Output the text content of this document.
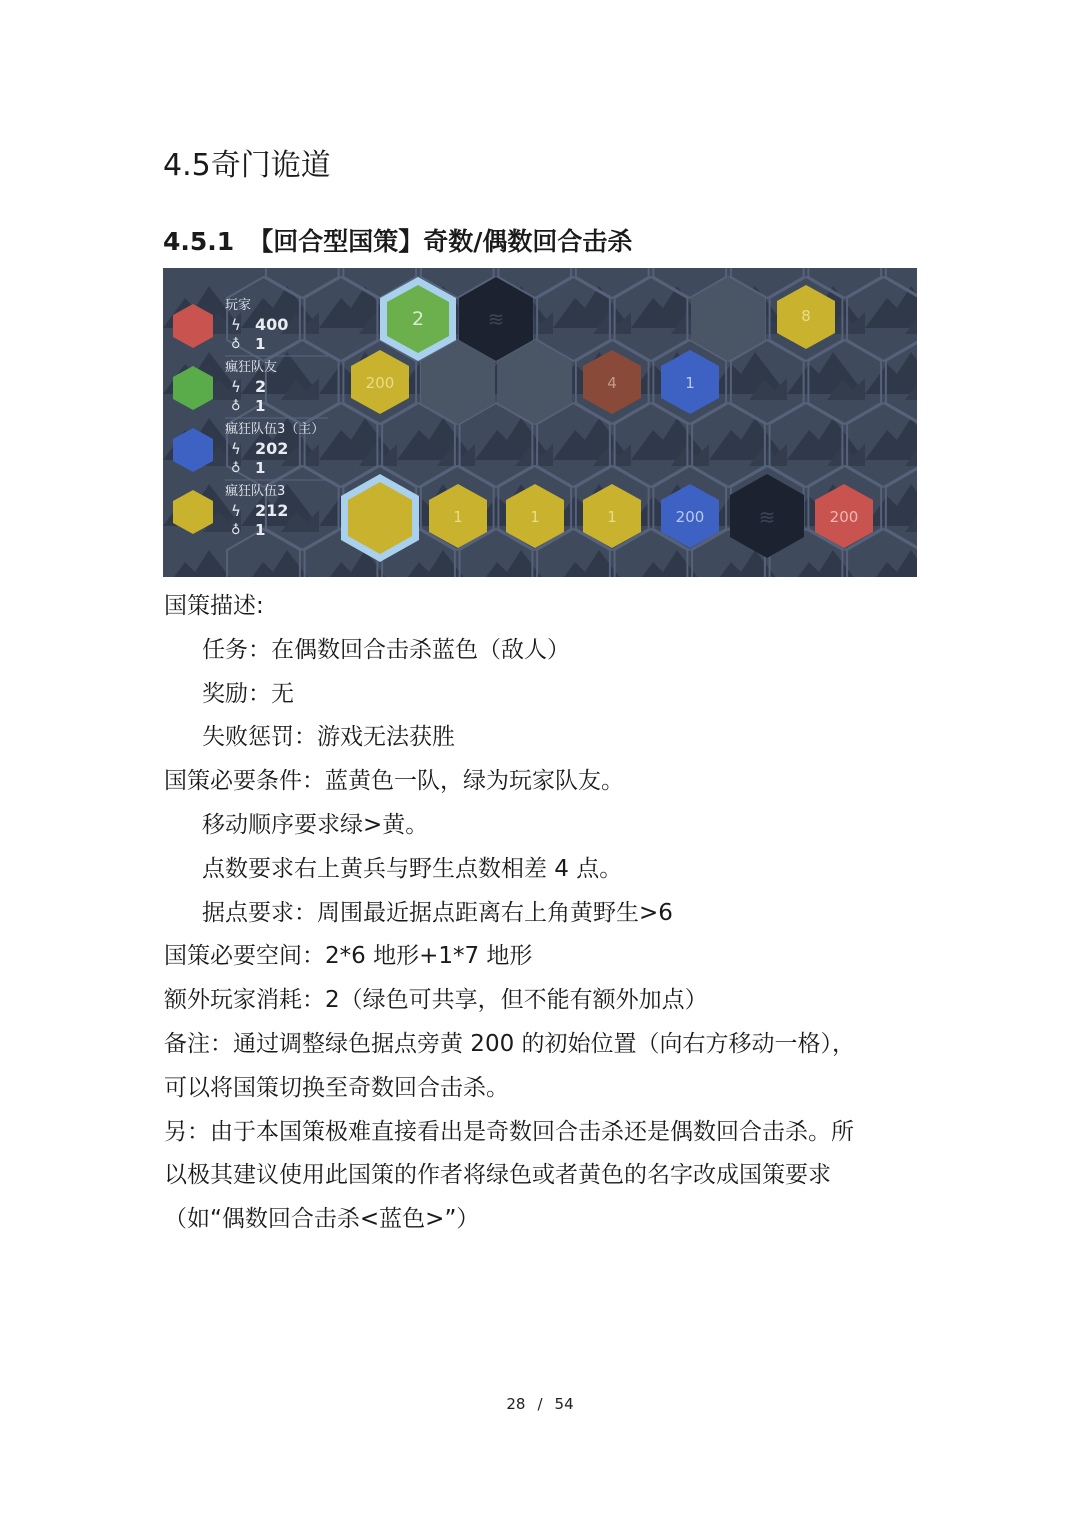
4.5奇门诡道
4.5.1 【回合型国策】奇数/偶数回合击杀
玩家
ϟ 400
♁ 1
瘋狂队友
ϟ 2
♁ 1
瘋狂队伍3（主）
ϟ 202
♁ 1
瘋狂队伍3
ϟ 212
♁ 1
2	≋	8
200	4	1
1	1	1	200	≋	200

国策描述:

任务：在偶数回合击杀蓝色（敌人）

奖励：无

失败惩罚：游戏无法获胜

国策必要条件：蓝黄色一队，绿为玩家队友。

移动顺序要求绿>黄。

点数要求右上黄兵与野生点数相差 4 点。

据点要求：周围最近据点距离右上角黄野生>6

国策必要空间：2*6 地形+1*7 地形

额外玩家消耗：2（绿色可共享，但不能有额外加点）

备注：通过调整绿色据点旁黄 200 的初始位置（向右方移动一格），

可以将国策切换至奇数回合击杀。

另：由于本国策极难直接看出是奇数回合击杀还是偶数回合击杀。所

以极其建议使用此国策的作者将绿色或者黄色的名字改成国策要求

（如“偶数回合击杀<蓝色>”）

28 / 54
